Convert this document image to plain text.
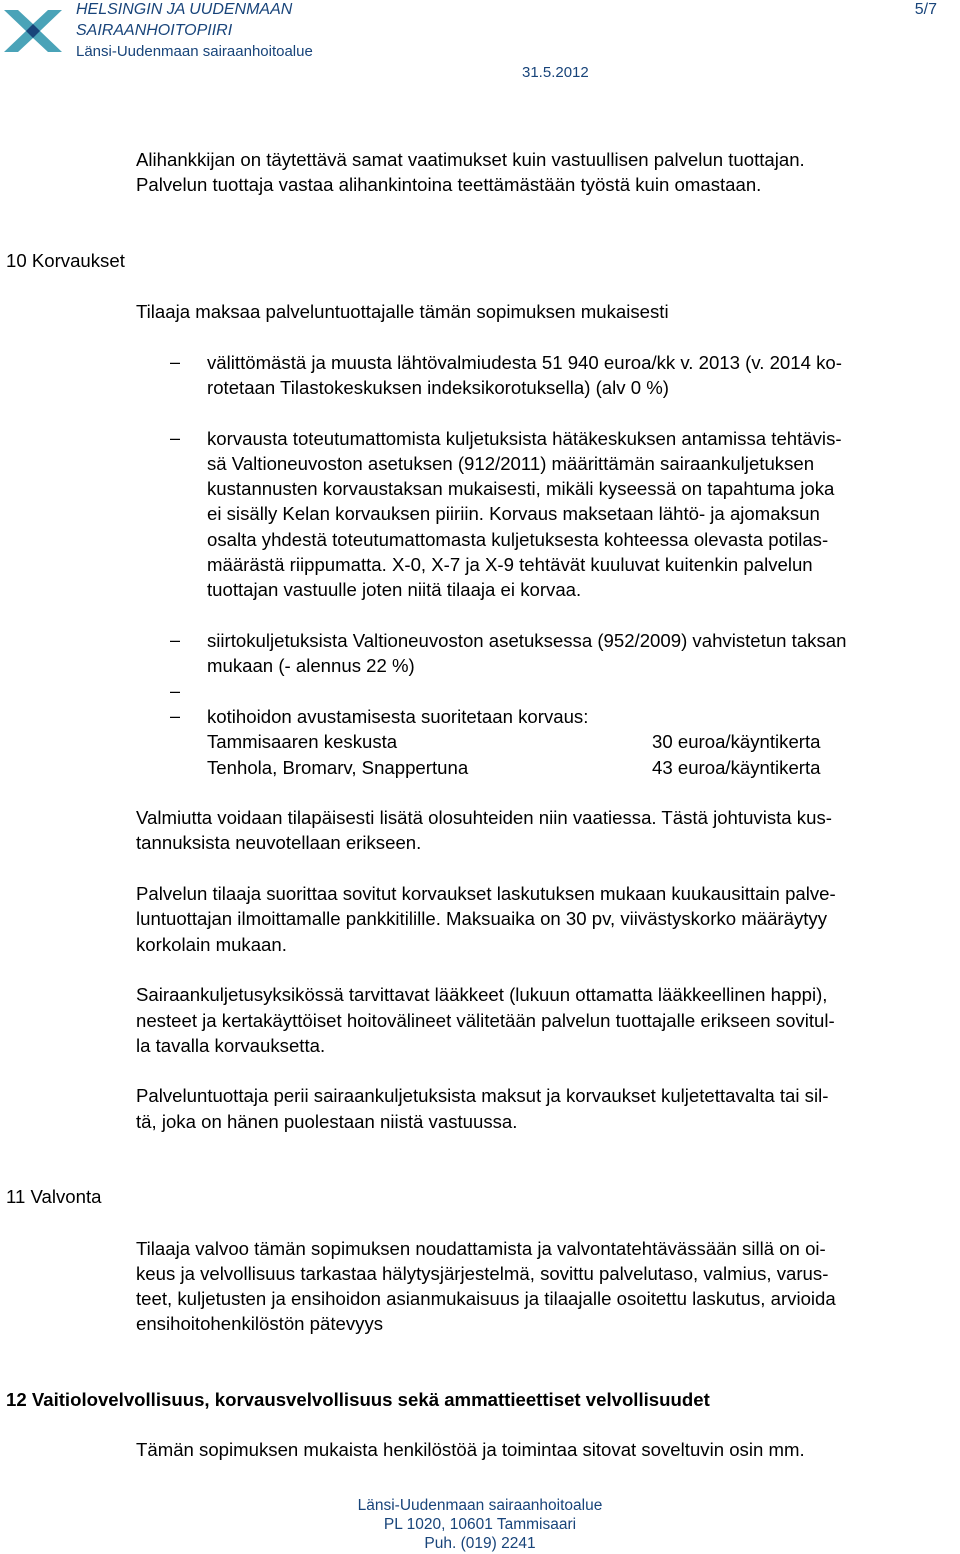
HELSINGIN JA UUDENMAAN
SAIRAANHOITOPIIRI
Länsi-Uudenmaan sairaanhoitoalue
5/7
31.5.2012
Alihankkijan on täytettävä samat vaatimukset kuin vastuullisen palvelun tuottajan.
Palvelun tuottaja vastaa alihankintoina teettämästään työstä kuin omastaan.
10 Korvaukset
Tilaaja maksaa palveluntuottajalle tämän sopimuksen mukaisesti
– välittömästä ja muusta lähtövalmiudesta 51 940 euroa/kk v. 2013 (v. 2014 ko-
rotetaan Tilastokeskuksen indeksikorotuksella) (alv 0 %)
– korvausta toteutumattomista kuljetuksista hätäkeskuksen antamissa tehtävis-
sä Valtioneuvoston asetuksen (912/2011) määrittämän sairaankuljetuksen
kustannusten korvaustaksan mukaisesti, mikäli kyseessä on tapahtuma joka
ei sisälly Kelan korvauksen piiriin. Korvaus maksetaan lähtö- ja ajomaksun
osalta yhdestä toteutumattomasta kuljetuksesta kohteessa olevasta potilas-
määrästä riippumatta. X-0, X-7 ja X-9 tehtävät kuuluvat kuitenkin palvelun
tuottajan vastuulle joten niitä tilaaja ei korvaa.
– siirtokuljetuksista Valtioneuvoston asetuksessa (952/2009) vahvistetun taksan
mukaan (- alennus 22 %)
–
– kotihoidon avustamisesta suoritetaan korvaus:
Tammisaaren keskusta	30 euroa/käyntikerta
Tenhola, Bromarv, Snappertuna	43 euroa/käyntikerta
Valmiutta voidaan tilapäisesti lisätä olosuhteiden niin vaatiessa. Tästä johtuvista kus-
tannuksista neuvotellaan erikseen.
Palvelun tilaaja suorittaa sovitut korvaukset laskutuksen mukaan kuukausittain palve-
luntuottajan ilmoittamalle pankkitilille. Maksuaika on 30 pv, viivästyskorko määräytyy
korkolain mukaan.
Sairaankuljetusyksikössä tarvittavat lääkkeet (lukuun ottamatta lääkkeellinen happi),
nesteet ja kertakäyttöiset hoitovälineet välitetään palvelun tuottajalle erikseen sovitul-
la tavalla korvauksetta.
Palveluntuottaja perii sairaankuljetuksista maksut ja korvaukset kuljetettavalta tai sil-
tä, joka on hänen puolestaan niistä vastuussa.
11 Valvonta
Tilaaja valvoo tämän sopimuksen noudattamista ja valvontatehtävässään sillä on oi-
keus ja velvollisuus tarkastaa hälytysjärjestelmä, sovittu palvelutaso, valmius, varus-
teet, kuljetusten ja ensihoidon asianmukaisuus ja tilaajalle osoitettu laskutus, arvioida
ensihoitohenkilöstön pätevyys
12 Vaitiolovelvollisuus, korvausvelvollisuus sekä ammattieettiset velvollisuudet
Tämän sopimuksen mukaista henkilöstöä ja toimintaa sitovat soveltuvin osin mm.
Länsi-Uudenmaan sairaanhoitoalue
PL 1020, 10601 Tammisaari
Puh. (019) 2241
